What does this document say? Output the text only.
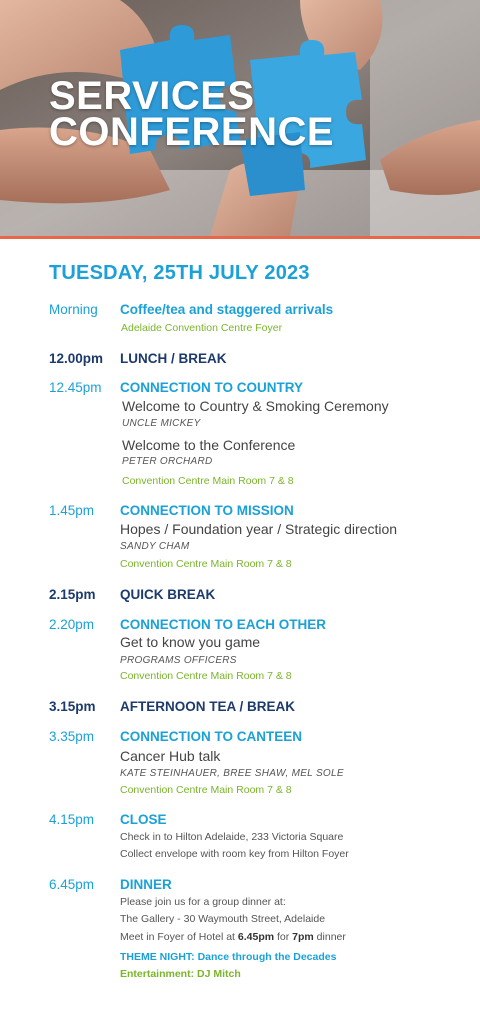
SERVICES
CONFERENCE
TUESDAY, 25TH JULY 2023
Morning Coffee/tea and staggered arrivals
Adelaide Convention Centre Foyer
12.00pm LUNCH / BREAK
12.45pm CONNECTION TO COUNTRY
Welcome to Country & Smoking Ceremony
UNCLE MICKEY
Welcome to the Conference
PETER ORCHARD
Convention Centre Main Room 7 & 8
1.45pm CONNECTION TO MISSION
Hopes / Foundation year / Strategic direction
SANDY CHAM
Convention Centre Main Room 7 & 8
2.15pm QUICK BREAK
2.20pm CONNECTION TO EACH OTHER
Get to know you game
PROGRAMS OFFICERS
Convention Centre Main Room 7 & 8
3.15pm AFTERNOON TEA / BREAK
3.35pm CONNECTION TO CANTEEN
Cancer Hub talk
KATE STEINHAUER, BREE SHAW, MEL SOLE
Convention Centre Main Room 7 & 8
4.15pm CLOSE
Check in to Hilton Adelaide, 233 Victoria Square
Collect envelope with room key from Hilton Foyer
6.45pm DINNER
Please join us for a group dinner at:
The Gallery - 30 Waymouth Street, Adelaide
Meet in Foyer of Hotel at 6.45pm for 7pm dinner
THEME NIGHT: Dance through the Decades
Entertainment: DJ Mitch
